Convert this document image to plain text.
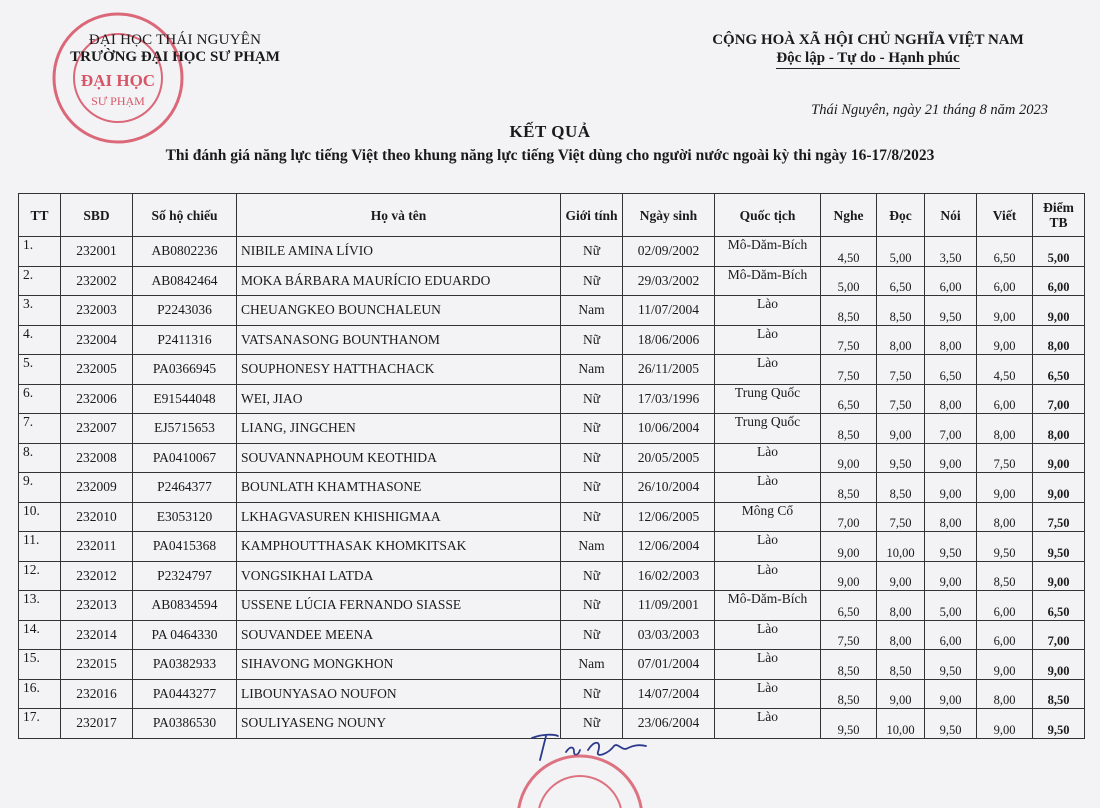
ĐẠI HỌC
SƯ PHẠM
ĐẠI HỌC THÁI NGUYÊN
TRƯỜNG ĐẠI HỌC SƯ PHẠM
CỘNG HOÀ XÃ HỘI CHỦ NGHĨA VIỆT NAM
Độc lập - Tự do - Hạnh phúc
Thái Nguyên, ngày 21 tháng 8 năm 2023
KẾT QUẢ
Thi đánh giá năng lực tiếng Việt theo khung năng lực tiếng Việt dùng cho người nước ngoài kỳ thi ngày 16-17/8/2023
TT	SBD	Số hộ chiếu	Họ và tên	Giới tính	Ngày sinh	Quốc tịch	Nghe	Đọc	Nói	Viết	Điểm TB
1.	232001	AB0802236	NIBILE AMINA LÍVIO	Nữ	02/09/2002	Mô-Dăm-Bích	4,50	5,00	3,50	6,50	5,00
2.	232002	AB0842464	MOKA BÁRBARA MAURÍCIO EDUARDO	Nữ	29/03/2002	Mô-Dăm-Bích	5,00	6,50	6,00	6,00	6,00
3.	232003	P2243036	CHEUANGKEO BOUNCHALEUN	Nam	11/07/2004	Lào	8,50	8,50	9,50	9,00	9,00
4.	232004	P2411316	VATSANASONG BOUNTHANOM	Nữ	18/06/2006	Lào	7,50	8,00	8,00	9,00	8,00
5.	232005	PA0366945	SOUPHONESY HATTHACHACK	Nam	26/11/2005	Lào	7,50	7,50	6,50	4,50	6,50
6.	232006	E91544048	WEI, JIAO	Nữ	17/03/1996	Trung Quốc	6,50	7,50	8,00	6,00	7,00
7.	232007	EJ5715653	LIANG, JINGCHEN	Nữ	10/06/2004	Trung Quốc	8,50	9,00	7,00	8,00	8,00
8.	232008	PA0410067	SOUVANNAPHOUM KEOTHIDA	Nữ	20/05/2005	Lào	9,00	9,50	9,00	7,50	9,00
9.	232009	P2464377	BOUNLATH KHAMTHASONE	Nữ	26/10/2004	Lào	8,50	8,50	9,00	9,00	9,00
10.	232010	E3053120	LKHAGVASUREN KHISHIGMAA	Nữ	12/06/2005	Mông Cổ	7,00	7,50	8,00	8,00	7,50
11.	232011	PA0415368	KAMPHOUTTHASAK KHOMKITSAK	Nam	12/06/2004	Lào	9,00	10,00	9,50	9,50	9,50
12.	232012	P2324797	VONGSIKHAI LATDA	Nữ	16/02/2003	Lào	9,00	9,00	9,00	8,50	9,00
13.	232013	AB0834594	USSENE LÚCIA FERNANDO SIASSE	Nữ	11/09/2001	Mô-Dăm-Bích	6,50	8,00	5,00	6,00	6,50
14.	232014	PA 0464330	SOUVANDEE MEENA	Nữ	03/03/2003	Lào	7,50	8,00	6,00	6,00	7,00
15.	232015	PA0382933	SIHAVONG MONGKHON	Nam	07/01/2004	Lào	8,50	8,50	9,50	9,00	9,00
16.	232016	PA0443277	LIBOUNYASAO NOUFON	Nữ	14/07/2004	Lào	8,50	9,00	9,00	8,00	8,50
17.	232017	PA0386530	SOULIYASENG NOUNY	Nữ	23/06/2004	Lào	9,50	10,00	9,50	9,00	9,50
